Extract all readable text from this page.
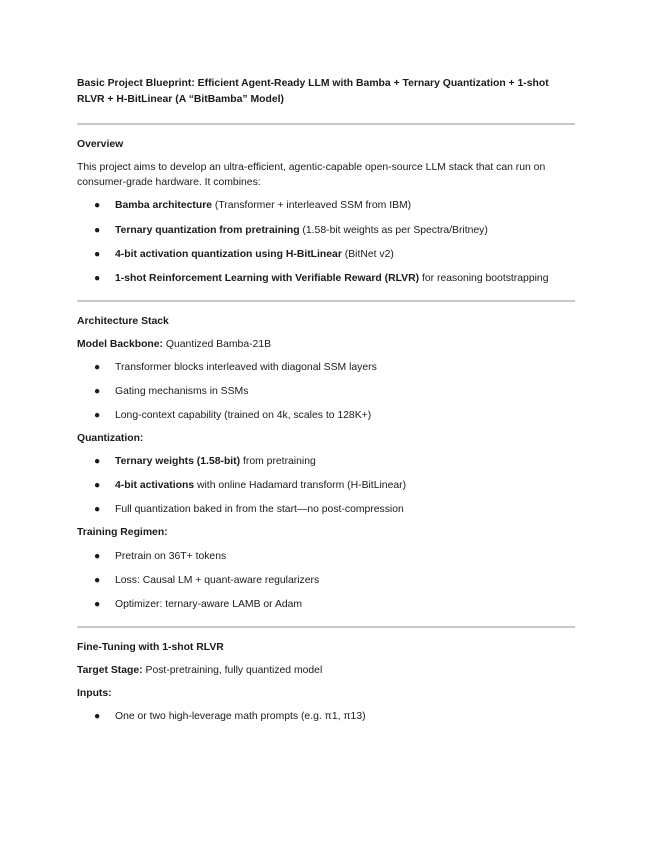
Basic Project Blueprint: Efficient Agent-Ready LLM with Bamba + Ternary Quantization + 1-shot RLVR + H-BitLinear (A “BitBamba” Model)

Overview

This project aims to develop an ultra-efficient, agentic-capable open-source LLM stack that can run on consumer-grade hardware. It combines:

● Bamba architecture (Transformer + interleaved SSM from IBM)
● Ternary quantization from pretraining (1.58-bit weights as per Spectra/Britney)
● 4-bit activation quantization using H-BitLinear (BitNet v2)
● 1-shot Reinforcement Learning with Verifiable Reward (RLVR) for reasoning bootstrapping

Architecture Stack

Model Backbone: Quantized Bamba-21B

● Transformer blocks interleaved with diagonal SSM layers
● Gating mechanisms in SSMs
● Long-context capability (trained on 4k, scales to 128K+)

Quantization:

● Ternary weights (1.58-bit) from pretraining
● 4-bit activations with online Hadamard transform (H-BitLinear)
● Full quantization baked in from the start—no post-compression

Training Regimen:

● Pretrain on 36T+ tokens
● Loss: Causal LM + quant-aware regularizers
● Optimizer: ternary-aware LAMB or Adam

Fine-Tuning with 1-shot RLVR

Target Stage: Post-pretraining, fully quantized model

Inputs:

● One or two high-leverage math prompts (e.g. π1, π13)
